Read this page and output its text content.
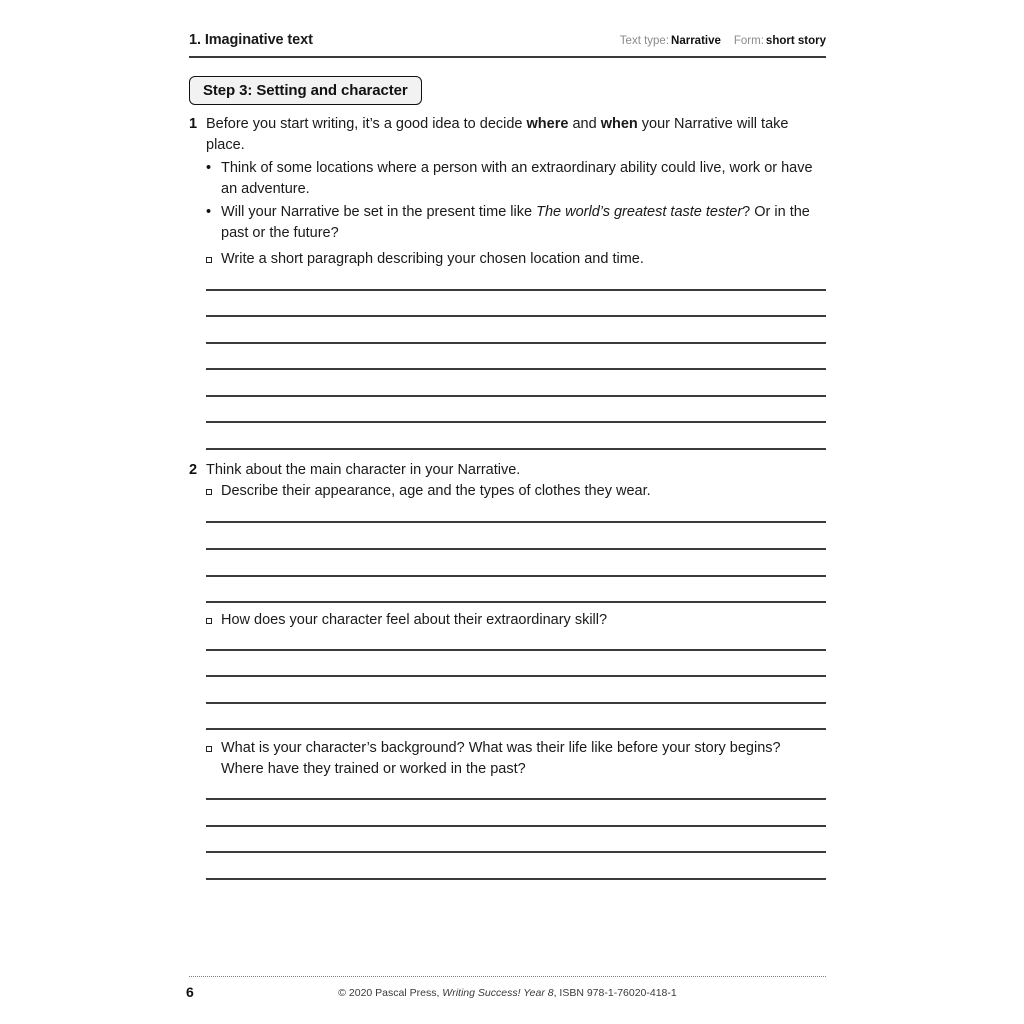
1. Imaginative text	Text type: Narrative Form: short story
Step 3: Setting and character
1 Before you start writing, it’s a good idea to decide where and when your Narrative will take place.
• Think of some locations where a person with an extraordinary ability could live, work or have an adventure.
• Will your Narrative be set in the present time like The world’s greatest taste tester? Or in the past or the future?
Write a short paragraph describing your chosen location and time.
2 Think about the main character in your Narrative.
Describe their appearance, age and the types of clothes they wear.
How does your character feel about their extraordinary skill?
What is your character’s background? What was their life like before your story begins? Where have they trained or worked in the past?
6	© 2020 Pascal Press, Writing Success! Year 8, ISBN 978-1-76020-418-1
